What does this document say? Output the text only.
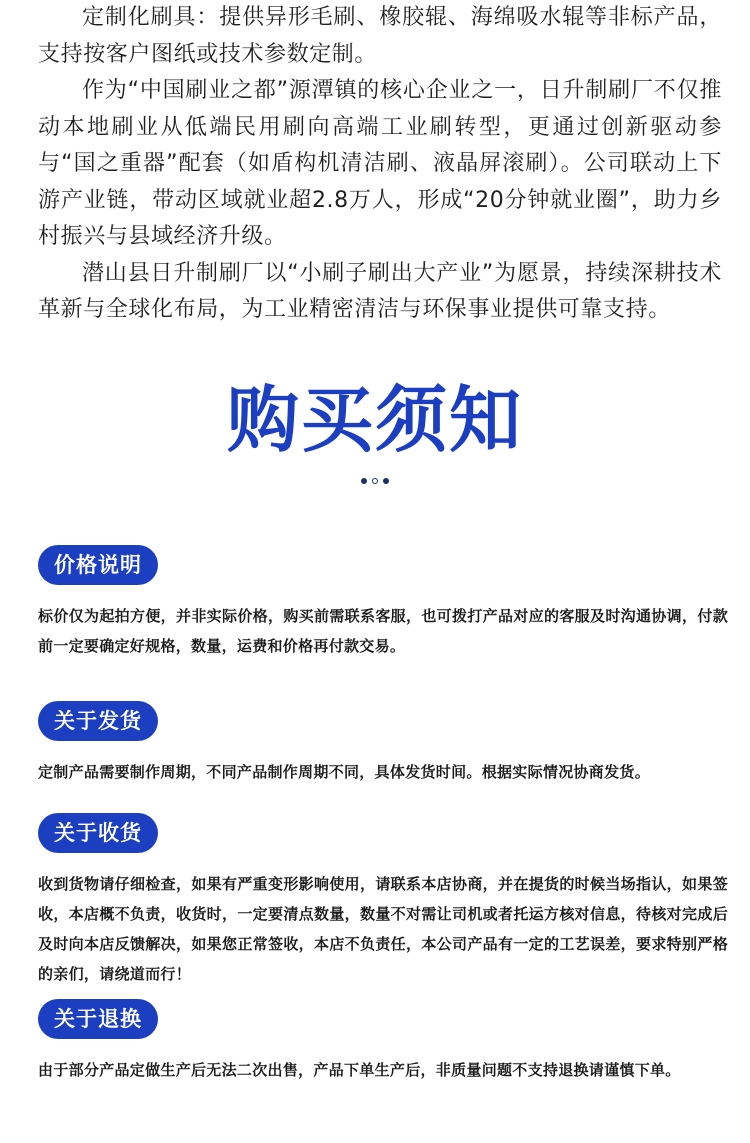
定制化刷具：提供异形毛刷、橡胶辊、海绵吸水辊等非标产品，支持按客户图纸或技术参数定制。

作为“中国刷业之都”源潭镇的核心企业之一，日升制刷厂不仅推动本地刷业从低端民用刷向高端工业刷转型，更通过创新驱动参与“国之重器”配套（如盾构机清洁刷、液晶屏滚刷）。公司联动上下游产业链，带动区域就业超2.8万人，形成“20分钟就业圈”，助力乡村振兴与县域经济升级。

潜山县日升制刷厂以“小刷子刷出大产业”为愿景，持续深耕技术革新与全球化布局，为工业精密清洁与环保事业提供可靠支持。

购买须知
价格说明

标价仅为起拍方便，并非实际价格，购买前需联系客服，也可拨打产品对应的客服及时沟通协调，付款前一定要确定好规格，数量，运费和价格再付款交易。

关于发货

定制产品需要制作周期，不同产品制作周期不同，具体发货时间。根据实际情况协商发货。

关于收货

收到货物请仔细检查，如果有严重变形影响使用，请联系本店协商，并在提货的时候当场指认，如果签收，本店概不负责，收货时，一定要清点数量，数量不对需让司机或者托运方核对信息，待核对完成后及时向本店反馈解决，如果您正常签收，本店不负责任，本公司产品有一定的工艺误差，要求特别严格的亲们，请绕道而行！

关于退换

由于部分产品定做生产后无法二次出售，产品下单生产后，非质量问题不支持退换请谨慎下单。
